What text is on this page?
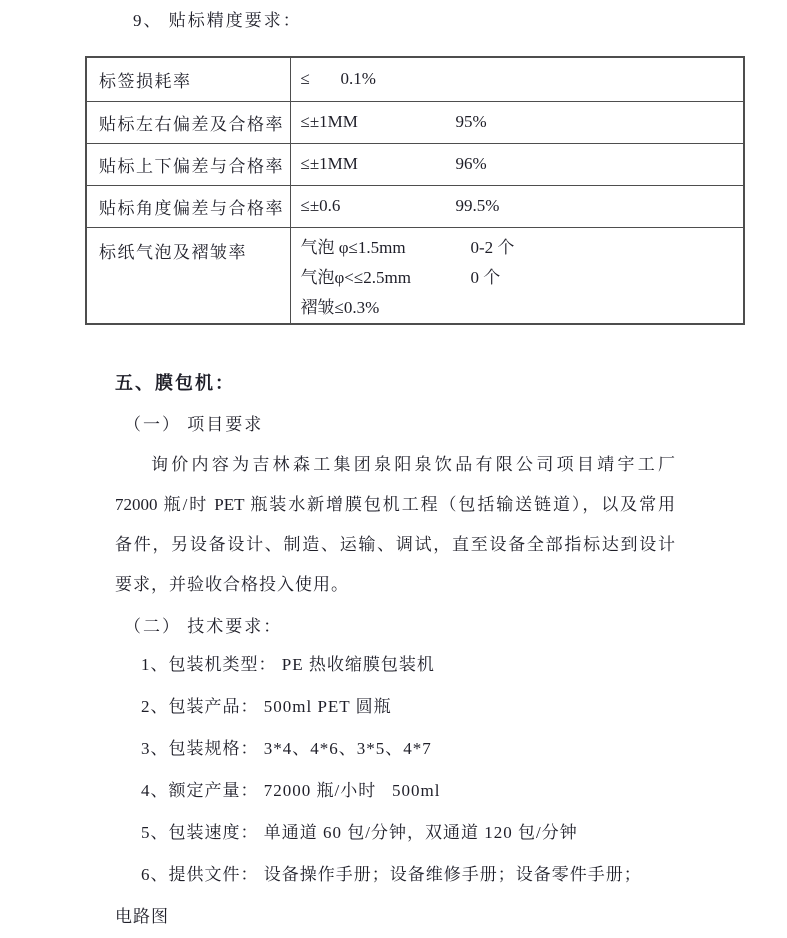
9、 贴标精度要求：
标签损耗率	≤ 0.1%

贴标左右偏差及合格率	≤±1MM 95%

贴标上下偏差与合格率	≤±1MM 96%

贴标角度偏差与合格率	≤±0.6 99.5%

标纸气泡及褶皱率	气泡 φ≤1.5mm 0-2 个
气泡φ<≤2.5mm 0 个
褶皱≤0.3%
五、膜包机：
（一） 项目要求
询价内容为吉林森工集团泉阳泉饮品有限公司项目靖宇工厂
72000 瓶/时 PET 瓶装水新增膜包机工程（包括输送链道），以及常用
备件，另设备设计、制造、运输、调试，直至设备全部指标达到设计
要求，并验收合格投入使用。
（二） 技术要求：
1、包装机类型： PE 热收缩膜包装机
2、包装产品： 500ml PET 圆瓶
3、包装规格： 3*4、4*6、3*5、4*7
4、额定产量： 72000 瓶/小时   500ml
5、包装速度： 单通道 60 包/分钟，双通道 120 包/分钟
6、提供文件： 设备操作手册；设备维修手册；设备零件手册；
电路图
